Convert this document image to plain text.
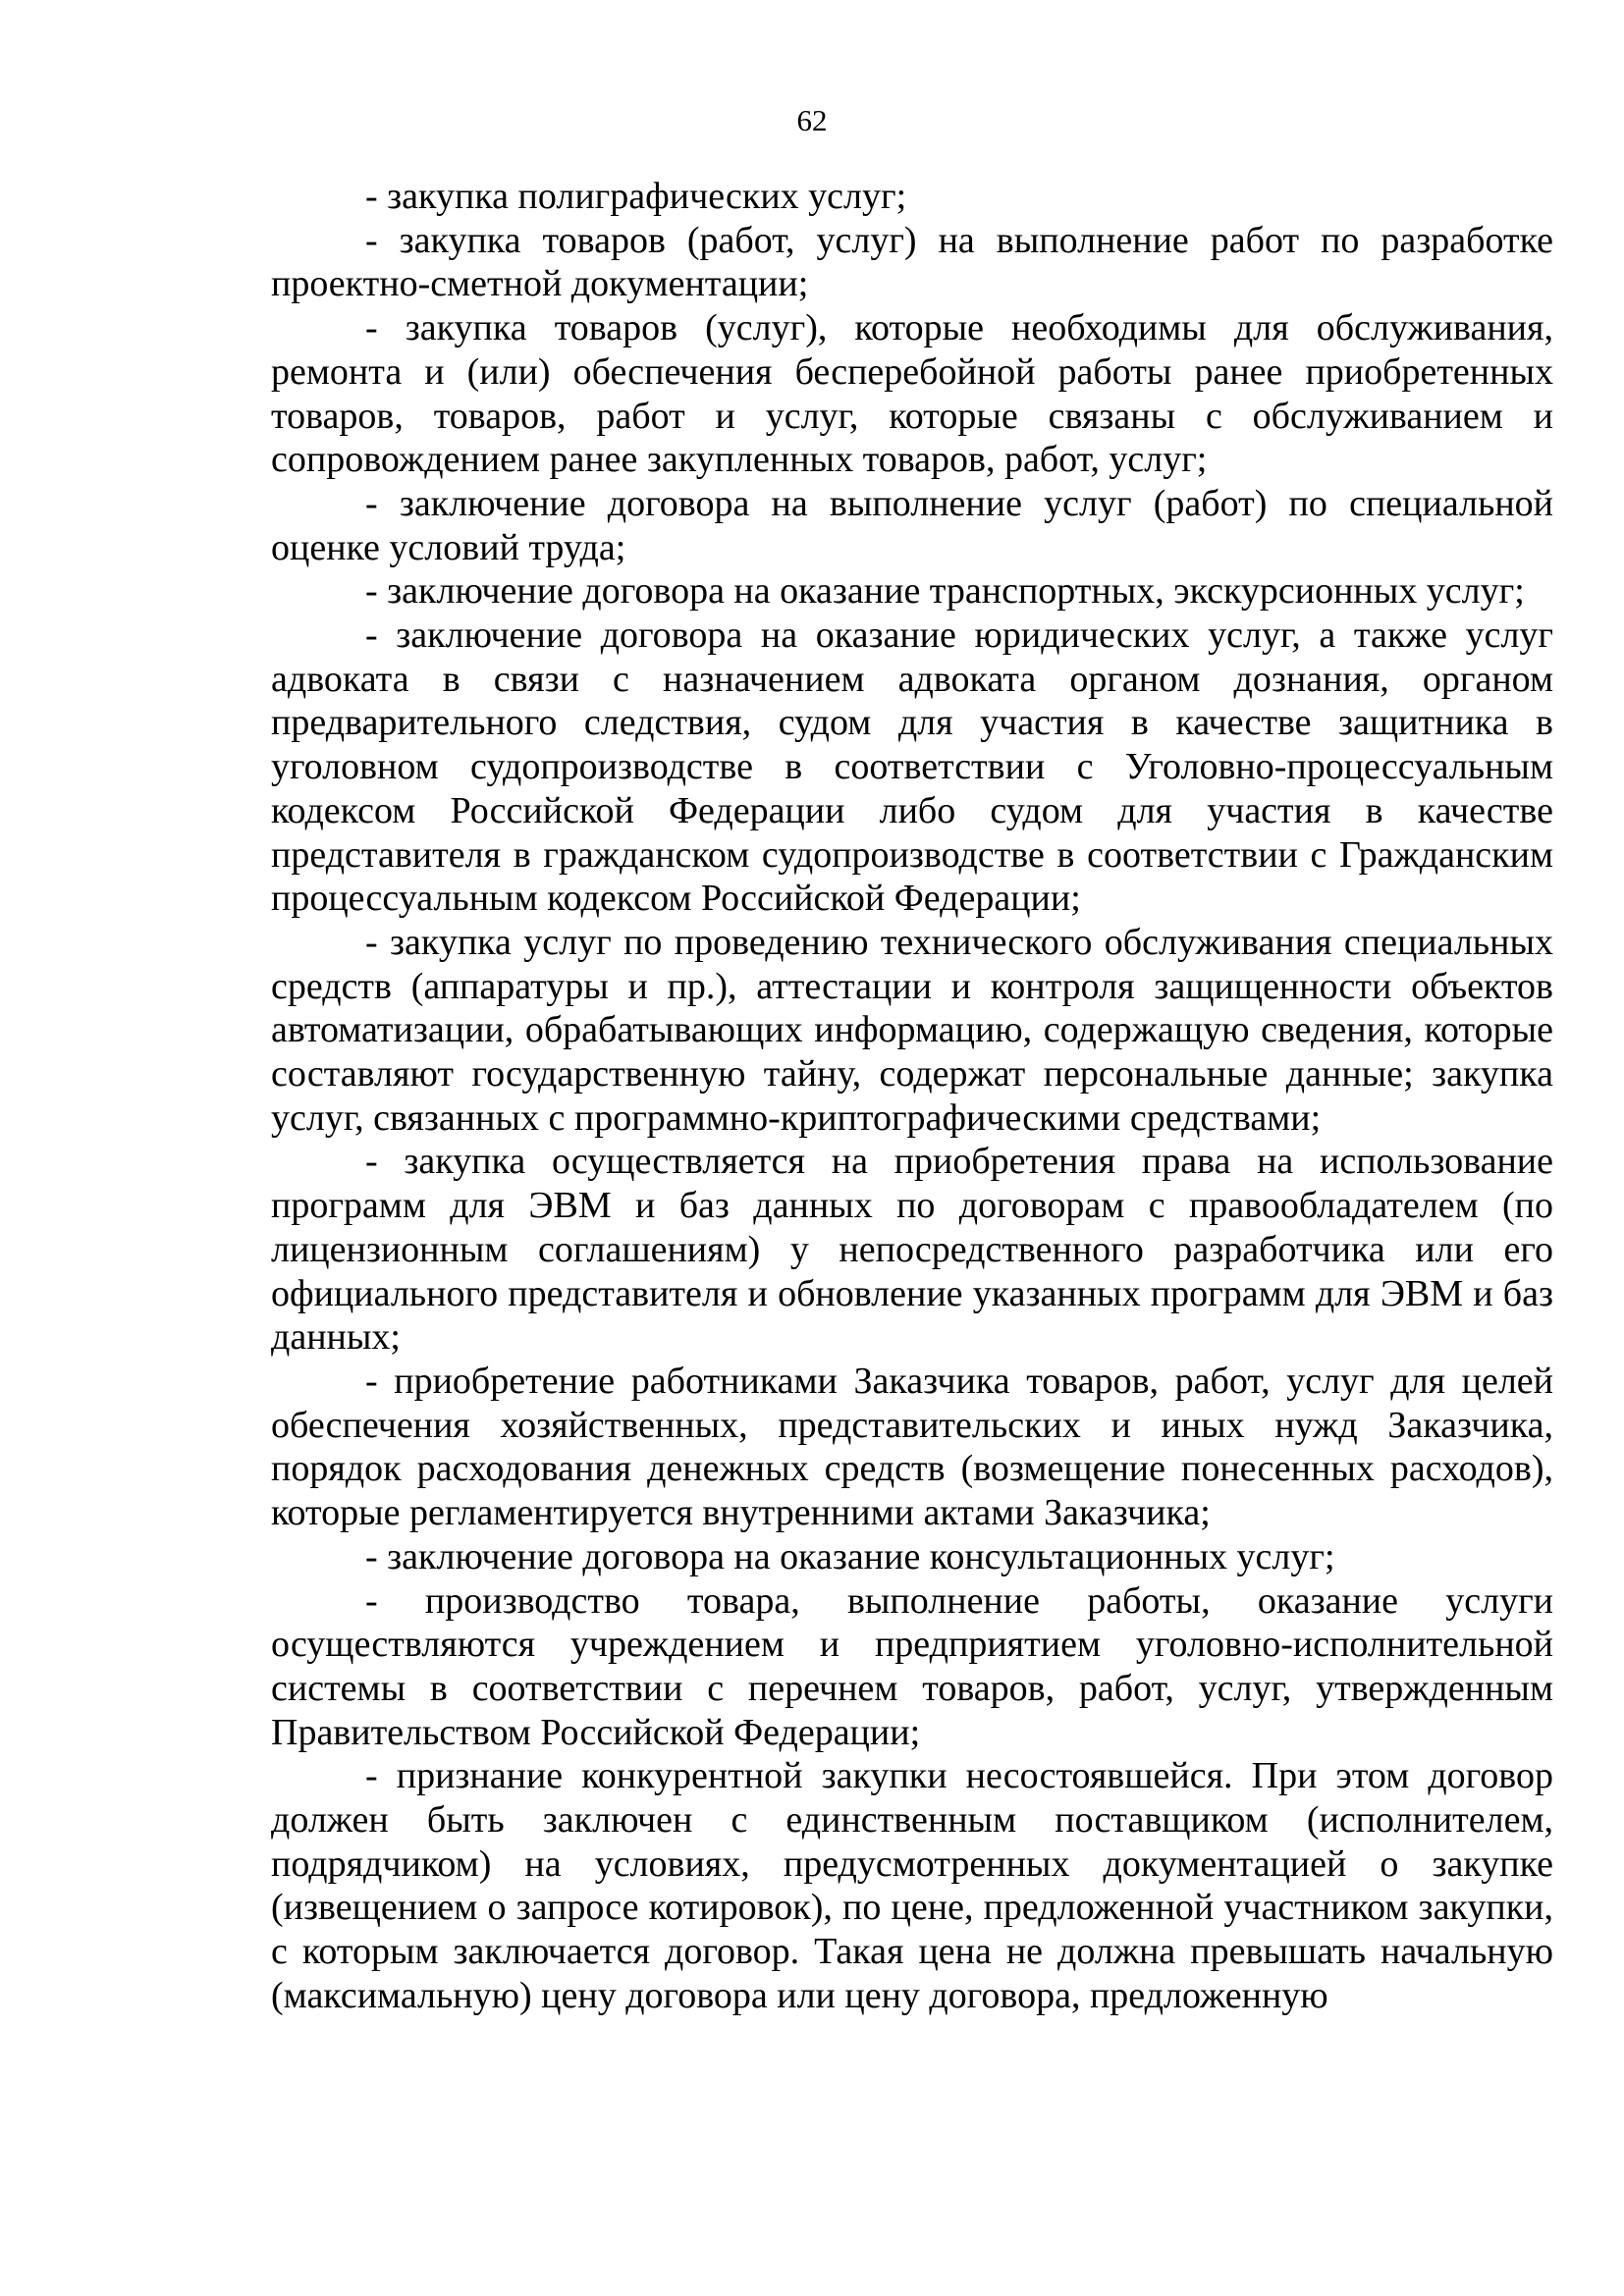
62

- закупка полиграфических услуг;

- закупка товаров (работ, услуг) на выполнение работ по разработке проектно-сметной документации;

- закупка товаров (услуг), которые необходимы для обслуживания, ремонта и (или) обеспечения бесперебойной работы ранее приобретенных товаров, товаров, работ и услуг, которые связаны с обслуживанием и сопровождением ранее закупленных товаров, работ, услуг;

- заключение договора на выполнение услуг (работ) по специальной оценке условий труда;

- заключение договора на оказание транспортных, экскурсионных услуг;

- заключение договора на оказание юридических услуг, а также услуг адвоката в связи с назначением адвоката органом дознания, органом предварительного следствия, судом для участия в качестве защитника в уголовном судопроизводстве в соответствии с Уголовно-процессуальным кодексом Российской Федерации либо судом для участия в качестве представителя в гражданском судопроизводстве в соответствии с Гражданским процессуальным кодексом Российской Федерации;

- закупка услуг по проведению технического обслуживания специальных средств (аппаратуры и пр.), аттестации и контроля защищенности объектов автоматизации, обрабатывающих информацию, содержащую сведения, которые составляют государственную тайну, содержат персональные данные; закупка услуг, связанных с программно-криптографическими средствами;

- закупка осуществляется на приобретения права на использование программ для ЭВМ и баз данных по договорам с правообладателем (по лицензионным соглашениям) у непосредственного разработчика или его официального представителя и обновление указанных программ для ЭВМ и баз данных;

- приобретение работниками Заказчика товаров, работ, услуг для целей обеспечения хозяйственных, представительских и иных нужд Заказчика, порядок расходования денежных средств (возмещение понесенных расходов), которые регламентируется внутренними актами Заказчика;

- заключение договора на оказание консультационных услуг;

- производство товара, выполнение работы, оказание услуги осуществляются учреждением и предприятием уголовно-исполнительной системы в соответствии с перечнем товаров, работ, услуг, утвержденным Правительством Российской Федерации;

- признание конкурентной закупки несостоявшейся. При этом договор должен быть заключен с единственным поставщиком (исполнителем, подрядчиком) на условиях, предусмотренных документацией о закупке (извещением о запросе котировок), по цене, предложенной участником закупки, с которым заключается договор. Такая цена не должна превышать начальную (максимальную) цену договора или цену договора, предложенную
